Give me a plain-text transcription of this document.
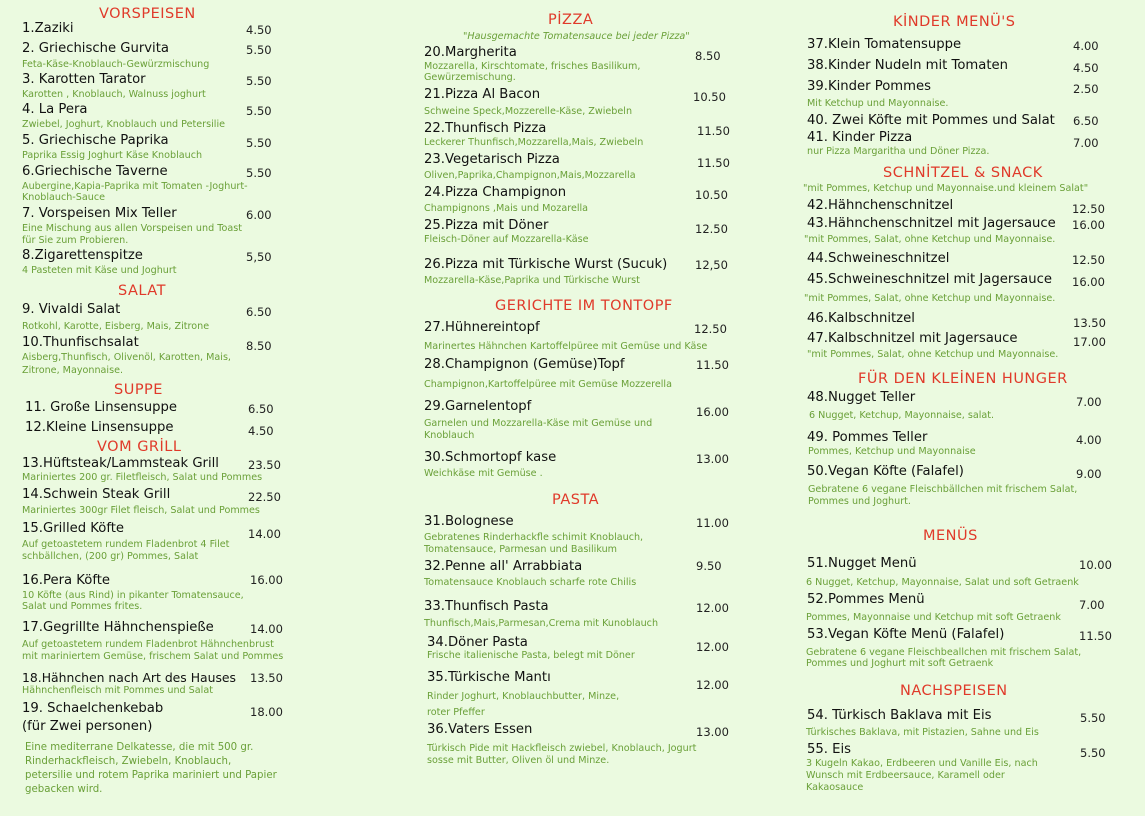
VORSPEISEN
1.Zaziki	4.50
2. Griechische Gurvita	5.50
Feta-Käse-Knoblauch-Gewürzmischung
3. Karotten Tarator	5.50
Karotten , Knoblauch, Walnuss joghurt
4. La Pera	5.50
Zwiebel, Joghurt, Knoblauch und Petersilie
5. Griechische Paprika	5.50
Paprika Essig Joghurt Käse Knoblauch
6.Griechische Taverne	5.50
Aubergine,Kapia-Paprika mit Tomaten -Joghurt-
Knoblauch-Sauce
7. Vorspeisen Mix Teller	6.00
Eine Mischung aus allen Vorspeisen und Toast
für Sie zum Probieren.
8.Zigarettenspitze	5,50
4 Pasteten mit Käse und Joghurt
SALAT
9. Vivaldi Salat	6.50
Rotkohl, Karotte, Eisberg, Mais, Zitrone
10.Thunfischsalat	8.50
Aisberg,Thunfisch, Olivenöl, Karotten, Mais,
Zitrone, Mayonnaise.
SUPPE
11. Große Linsensuppe	6.50
12.Kleine Linsensuppe	4.50
VOM GRİLL
13.Hüftsteak/Lammsteak Grill	23.50
Mariniertes 200 gr. Filetfleisch, Salat und Pommes
14.Schwein Steak Grill	22.50
Mariniertes 300gr Filet fleisch, Salat und Pommes
15.Grilled Köfte	14.00
Auf getoastetem rundem Fladenbrot 4 Filet
schbällchen, (200 gr) Pommes, Salat
16.Pera Köfte	16.00
10 Köfte (aus Rind) in pikanter Tomatensauce,
Salat und Pommes frites.
17.Gegrillte Hähnchenspieße	14.00
Auf getoastetem rundem Fladenbrot Hähnchenbrust
mit mariniertem Gemüse, frischem Salat und Pommes
18.Hähnchen nach Art des Hauses 13.50
Hähnchenfleisch mit Pommes und Salat
19. Schaelchenkebab	18.00
(für Zwei personen)
Eine mediterrane Delkatesse, die mit 500 gr.
Rinderhackfleisch, Zwiebeln, Knoblauch,
petersilie und rotem Paprika mariniert und Papier
gebacken wird.
PİZZA
"Hausgemachte Tomatensauce bei jeder Pizza"
20.Margherita	8.50
Mozzarella, Kirschtomate, frisches Basilikum,
Gewürzemischung.
21.Pizza Al Bacon	10.50
Schweine Speck,Mozzerelle-Käse, Zwiebeln
22.Thunfisch Pizza	11.50
Leckerer Thunfisch,Mozzarella,Mais, Zwiebeln
23.Vegetarisch Pizza	11.50
Oliven,Paprika,Champignon,Mais,Mozzarella
24.Pizza Champignon	10.50
Champignons ,Mais und Mozarella
25.Pizza mit Döner	12.50
Fleisch-Döner auf Mozzarella-Käse
26.Pizza mit Türkische Wurst (Sucuk) 12,50
Mozzarella-Käse,Paprika und Türkische Wurst
GERICHTE IM TONTOPF
27.Hühnereintopf	12.50
Marinertes Hähnchen Kartoffelpüree mit Gemüse und Käse
28.Champignon (Gemüse)Topf	11.50
Champignon,Kartoffelpüree mit Gemüse Mozzerella
29.Garnelentopf	16.00
Garnelen und Mozzarella-Käse mit Gemüse und
Knoblauch
30.Schmortopf kase	13.00
Weichkäse mit Gemüse .
PASTA
31.Bolognese	11.00
Gebratenes Rinderhackfle schimit Knoblauch,
Tomatensauce, Parmesan und Basilikum
32.Penne all' Arrabbiata	9.50
Tomatensauce Knoblauch scharfe rote Chilis
33.Thunfisch Pasta	12.00
Thunfisch,Mais,Parmesan,Crema mit Kunoblauch
34.Döner Pasta	12.00
Frische italienische Pasta, belegt mit Döner
35.Türkische Mantı	12.00
Rinder Joghurt, Knoblauchbutter, Minze,
roter Pfeffer
36.Vaters Essen	13.00
Türkisch Pide mit Hackfleisch zwiebel, Knoblauch, Jogurt
sosse mit Butter, Oliven öl und Minze.
KİNDER MENÜ'S
37.Klein Tomatensuppe	4.00
38.Kinder Nudeln mit Tomaten	4.50
39.Kinder Pommes	2.50
Mit Ketchup und Mayonnaise.
40. Zwei Köfte mit Pommes und Salat 6.50
41. Kinder Pizza	7.00
nur Pizza Margaritha und Döner Pizza.
SCHNİTZEL & SNACK
"mit Pommes, Ketchup und Mayonnaise.und kleinem Salat"
42.Hähnchenschnitzel	12.50
43.Hähnchenschnitzel mit Jagersauce 16.00
"mit Pommes, Salat, ohne Ketchup und Mayonnaise.
44.Schweineschnitzel	12.50
45.Schweineschnitzel mit Jagersauce 16.00
"mit Pommes, Salat, ohne Ketchup und Mayonnaise.
46.Kalbschnitzel	13.50
47.Kalbschnitzel mit Jagersauce	17.00
"mit Pommes, Salat, ohne Ketchup und Mayonnaise.
FÜR DEN KLEİNEN HUNGER
48.Nugget Teller	7.00
6 Nugget, Ketchup, Mayonnaise, salat.
49. Pommes Teller	4.00
Pommes, Ketchup und Mayonnaise
50.Vegan Köfte (Falafel)	9.00
Gebratene 6 vegane Fleischbällchen mit frischem Salat,
Pommes und Joghurt.
MENÜS
51.Nugget Menü	10.00
6 Nugget, Ketchup, Mayonnaise, Salat und soft Getraenk
52.Pommes Menü	7.00
Pommes, Mayonnaise und Ketchup mit soft Getraenk
53.Vegan Köfte Menü (Falafel)	11.50
Gebratene 6 vegane Fleischbeallchen mit frischem Salat,
Pommes und Joghurt mit soft Getraenk
NACHSPEISEN
54. Türkisch Baklava mit Eis	5.50
Türkisches Baklava, mit Pistazien, Sahne und Eis
55. Eis	5.50
3 Kugeln Kakao, Erdbeeren und Vanille Eis, nach
Wunsch mit Erdbeersauce, Karamell oder
Kakaosauce
